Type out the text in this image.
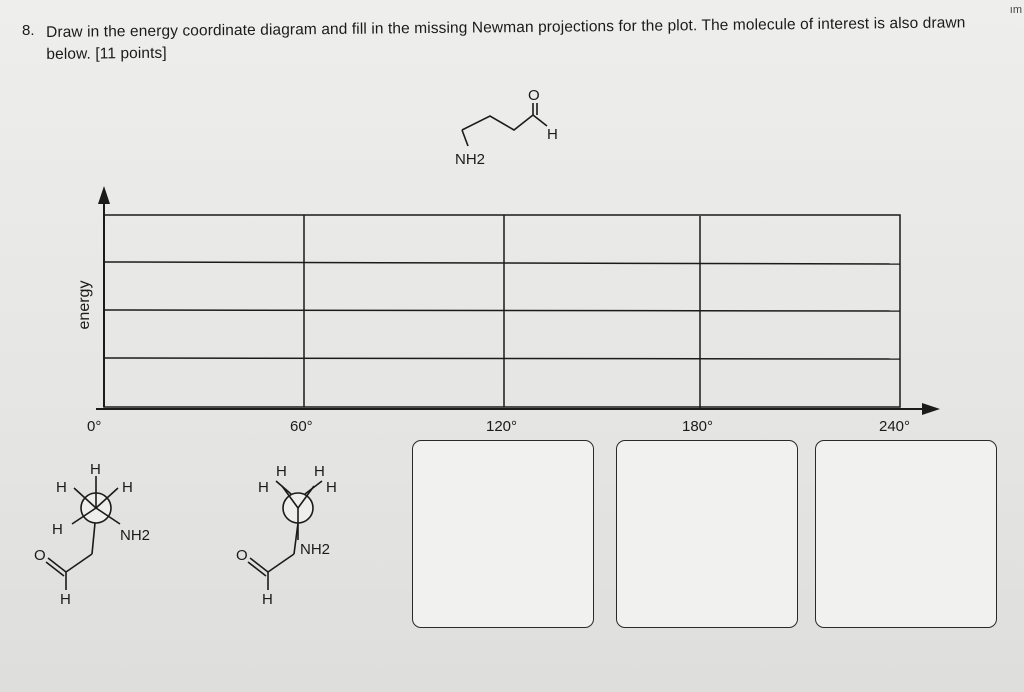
ım
8. Draw in the energy coordinate diagram and fill in the missing Newman projections for the plot. The molecule of interest is also drawn below. [11 points]
O
H
NH2
energy
0°	60°	120°	180°	240°
H
H	H
H	NH2
O
H
H
H H
H
NH2
O
H
